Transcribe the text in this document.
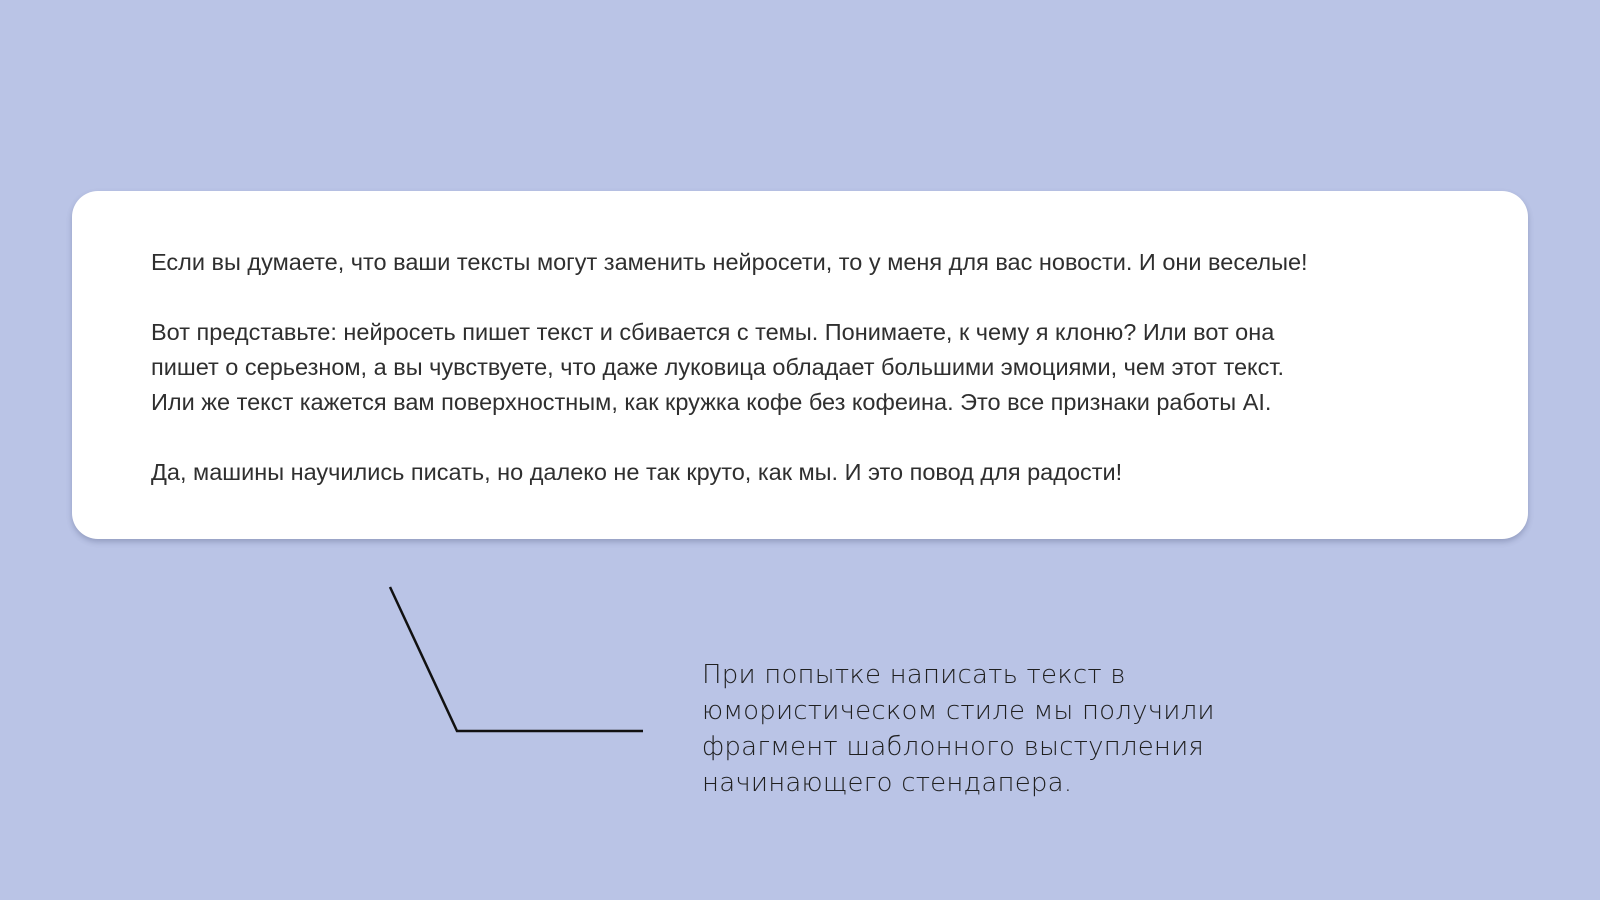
Если вы думаете, что ваши тексты могут заменить нейросети, то у меня для вас новости. И они веселые!

Вот представьте: нейросеть пишет текст и сбивается с темы. Понимаете, к чему я клоню? Или вот она
пишет о серьезном, а вы чувствуете, что даже луковица обладает большими эмоциями, чем этот текст.
Или же текст кажется вам поверхностным, как кружка кофе без кофеина. Это все признаки работы AI.

Да, машины научились писать, но далеко не так круто, как мы. И это повод для радости!

При попытке написать текст в
юмористическом стиле мы получили
фрагмент шаблонного выступления
начинающего стендапера.
